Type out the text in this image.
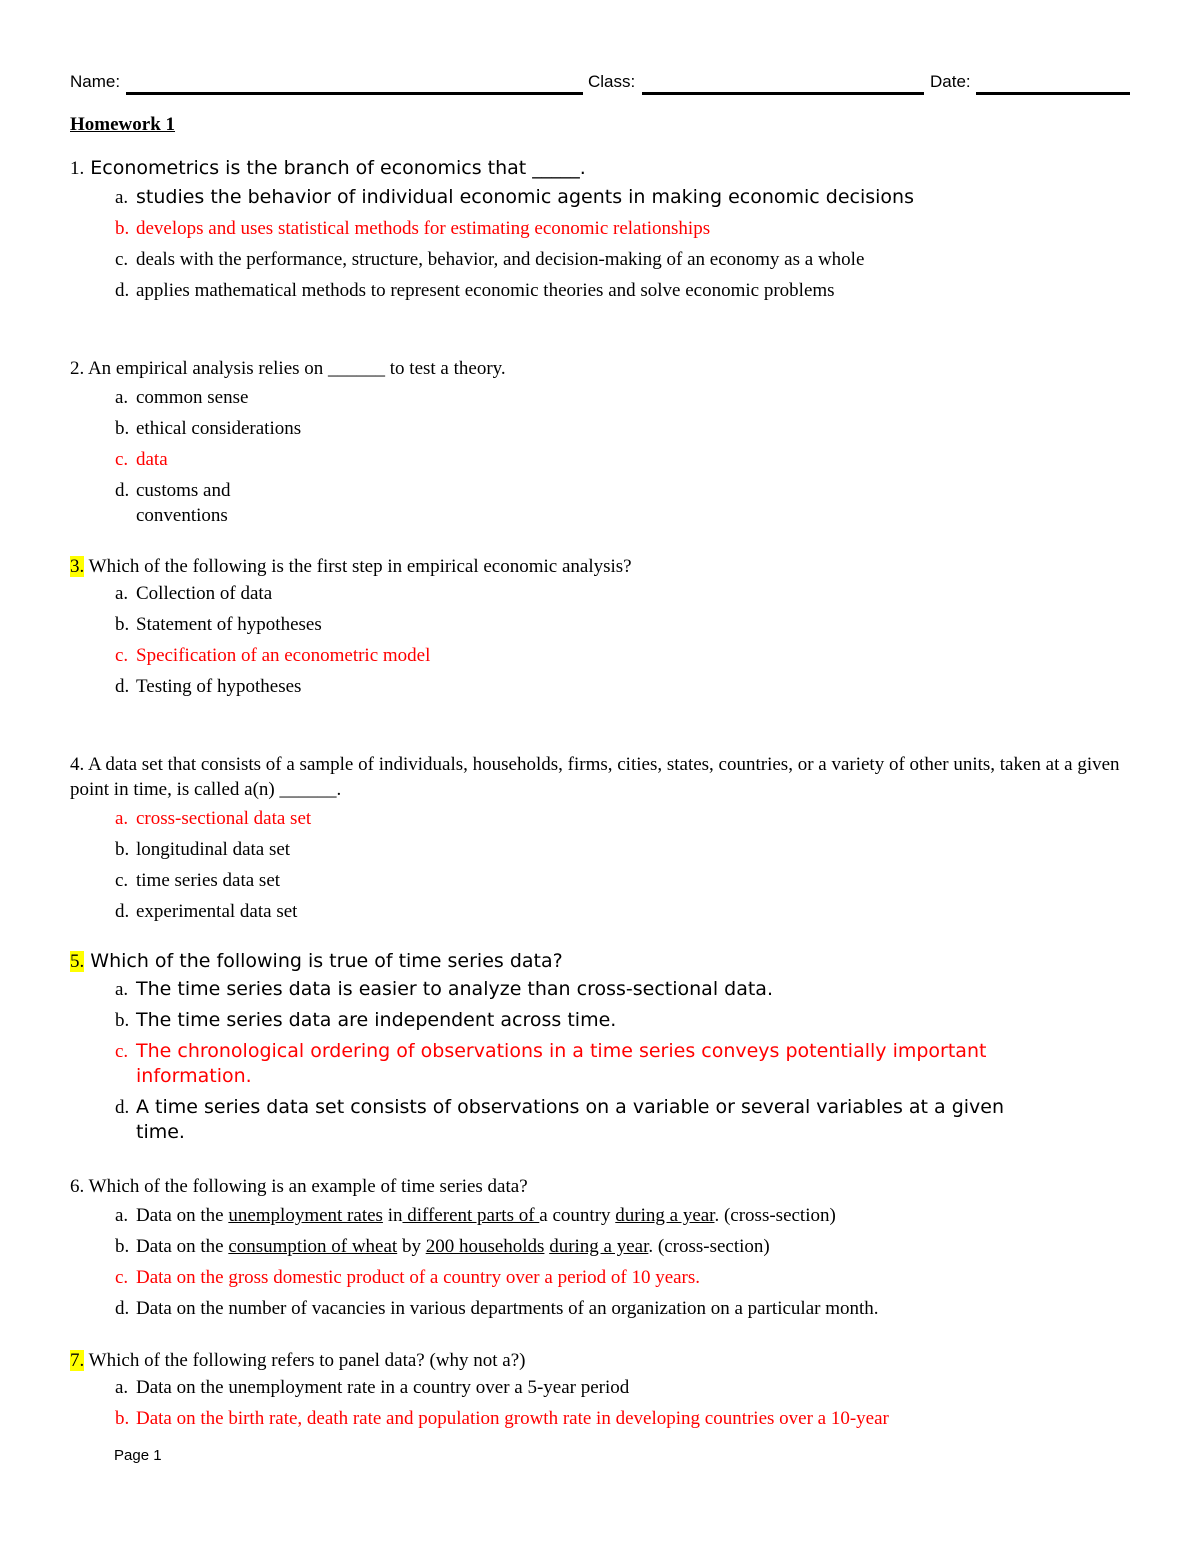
Name:	Class:	Date:
Homework 1
1. Econometrics is the branch of economics that _____.
a. studies the behavior of individual economic agents in making economic decisions
b. develops and uses statistical methods for estimating economic relationships
c. deals with the performance, structure, behavior, and decision-making of an economy as a whole
d. applies mathematical methods to represent economic theories and solve economic problems
2. An empirical analysis relies on ______ to test a theory.
a. common sense
b. ethical considerations
c. data
d. customs and conventions
3. Which of the following is the first step in empirical economic analysis?
a. Collection of data
b. Statement of hypotheses
c. Specification of an econometric model
d. Testing of hypotheses
4. A data set that consists of a sample of individuals, households, firms, cities, states, countries, or a variety of other units, taken at a given point in time, is called a(n) ______.
a. cross-sectional data set
b. longitudinal data set
c. time series data set
d. experimental data set
5. Which of the following is true of time series data?
a. The time series data is easier to analyze than cross-sectional data.
b. The time series data are independent across time.
c. The chronological ordering of observations in a time series conveys potentially important information.
d. A time series data set consists of observations on a variable or several variables at a given time.
6. Which of the following is an example of time series data?
a. Data on the unemployment rates in different parts of a country during a year. (cross-section)
b. Data on the consumption of wheat by 200 households during a year. (cross-section)
c. Data on the gross domestic product of a country over a period of 10 years.
d. Data on the number of vacancies in various departments of an organization on a particular month.
7. Which of the following refers to panel data? (why not a?)
a. Data on the unemployment rate in a country over a 5-year period
b. Data on the birth rate, death rate and population growth rate in developing countries over a 10-year
Page 1
